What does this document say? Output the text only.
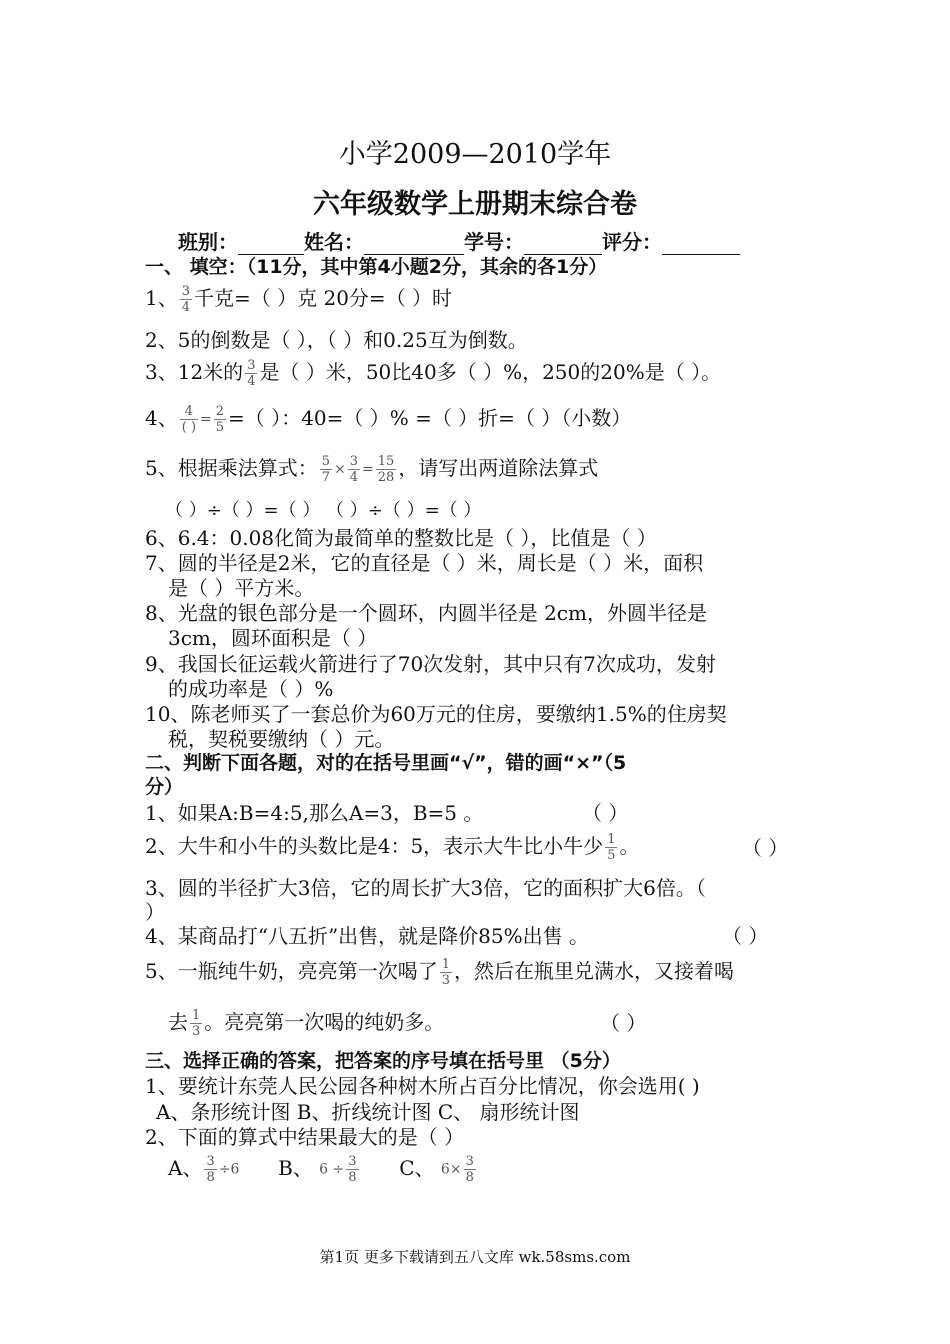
小学2009—2010学年
六年级数学上册期末综合卷
班别：	姓名：	学号：	评分：
一、 填空：（11分，其中第4小题2分，其余的各1分）
1、 $\frac{3}{4}$ 千克=（ ）克 20分=（ ）时
2、5的倒数是（ ），（ ）和0.25互为倒数。
3、12米的 $\frac{3}{4}$ 是（ ）米，50比40多（ ）%，250的20%是（ ）。
4、 $\frac{4}{( )} = \frac{2}{5}$ =（ ）：40=（ ）% =（ ）折=（ ）（小数）
5、根据乘法算式： $\frac{5}{7} \times \frac{3}{4} = \frac{15}{28}$ ，请写出两道除法算式
（ ）÷（ ）=（ ） （ ）÷（ ）=（ ）
6、6.4：0.08化简为最简单的整数比是（ ），比值是（ ）
7、圆的半径是2米，它的直径是（ ）米，周长是（ ）米，面积
是（ ）平方米。
8、光盘的银色部分是一个圆环，内圆半径是 2cm，外圆半径是
3cm，圆环面积是（ ）
9、我国长征运载火箭进行了70次发射，其中只有7次成功，发射
的成功率是（ ）%
10、陈老师买了一套总价为60万元的住房，要缴纳1.5%的住房契
税，契税要缴纳（ ）元。
二、判断下面各题，对的在括号里画“√”，错的画“×”（5
分）
1、如果A:B=4:5,那么A=3，B=5 。	（ ）
2、大牛和小牛的头数比是4：5，表示大牛比小牛少 $\frac{1}{5}$ 。	（ ）
3、圆的半径扩大3倍，它的周长扩大3倍，它的面积扩大6倍。（
）
4、某商品打“八五折”出售，就是降价85%出售 。	（ ）
5、一瓶纯牛奶，亮亮第一次喝了 $\frac{1}{3}$ ，然后在瓶里兑满水，又接着喝
去 $\frac{1}{3}$ 。亮亮第一次喝的纯奶多。	（ ）
三、选择正确的答案，把答案的序号填在括号里 （5分）
1、要统计东莞人民公园各种树木所占百分比情况，你会选用( )
A、条形统计图 B、折线统计图 C、 扇形统计图
2、下面的算式中结果最大的是（ ）
A、 $\frac{3}{8} \div 6$ B、 $6 \div \frac{3}{8}$ C、 $6\times \frac{3}{8}$
第1页 更多下载请到五八文库 wk.58sms.com
